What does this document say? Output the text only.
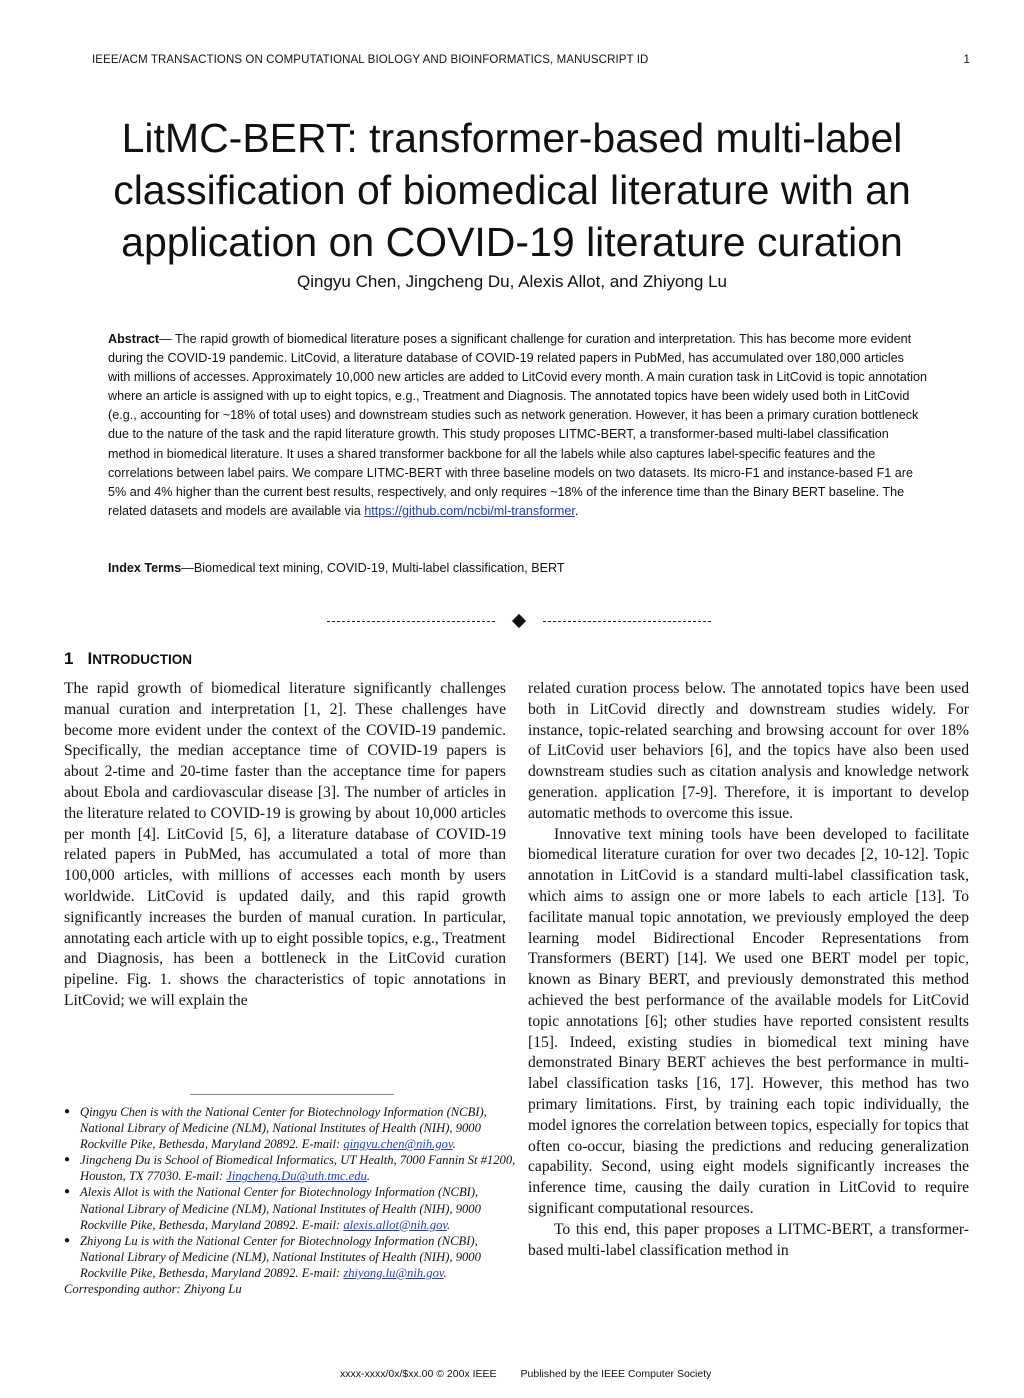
IEEE/ACM TRANSACTIONS ON COMPUTATIONAL BIOLOGY AND BIOINFORMATICS, MANUSCRIPT ID	1
LitMC-BERT: transformer-based multi-label
classification of biomedical literature with an
application on COVID-19 literature curation
Qingyu Chen, Jingcheng Du, Alexis Allot, and Zhiyong Lu
Abstract— The rapid growth of biomedical literature poses a significant challenge for curation and interpretation. This has become more evident during the COVID-19 pandemic. LitCovid, a literature database of COVID-19 related papers in PubMed, has accumulated over 180,000 articles with millions of accesses. Approximately 10,000 new articles are added to LitCovid every month. A main curation task in LitCovid is topic annotation where an article is assigned with up to eight topics, e.g., Treatment and Diagnosis. The annotated topics have been widely used both in LitCovid (e.g., accounting for ~18% of total uses) and downstream studies such as network generation. However, it has been a primary curation bottleneck due to the nature of the task and the rapid literature growth. This study proposes LITMC-BERT, a transformer-based multi-label classification method in biomedical literature. It uses a shared transformer backbone for all the labels while also captures label-specific features and the correlations between label pairs. We compare LITMC-BERT with three baseline models on two datasets. Its micro-F1 and instance-based F1 are 5% and 4% higher than the current best results, respectively, and only requires ~18% of the inference time than the Binary BERT baseline. The related datasets and models are available via https://github.com/ncbi/ml-transformer.
Index Terms—Biomedical text mining, COVID-19, Multi-label classification, BERT
1 INTRODUCTION

The rapid growth of biomedical literature significantly challenges manual curation and interpretation [1, 2]. These challenges have become more evident under the context of the COVID-19 pandemic. Specifically, the median acceptance time of COVID-19 papers is about 2-time and 20-time faster than the acceptance time for papers about Ebola and cardiovascular disease [3]. The number of articles in the literature related to COVID-19 is growing by about 10,000 articles per month [4]. LitCovid [5, 6], a literature database of COVID-19 related papers in PubMed, has accumulated a total of more than 100,000 articles, with millions of accesses each month by users worldwide. LitCovid is updated daily, and this rapid growth significantly increases the burden of manual curation. In particular, annotating each article with up to eight possible topics, e.g., Treatment and Diagnosis, has been a bottleneck in the LitCovid curation pipeline. Fig. 1. shows the characteristics of topic annotations in LitCovid; we will explain the

related curation process below. The annotated topics have been used both in LitCovid directly and downstream studies widely. For instance, topic-related searching and browsing account for over 18% of LitCovid user behaviors [6], and the topics have also been used downstream studies such as citation analysis and knowledge network generation. application [7-9]. Therefore, it is important to develop automatic methods to overcome this issue.

Innovative text mining tools have been developed to facilitate biomedical literature curation for over two decades [2, 10-12]. Topic annotation in LitCovid is a standard multi-label classification task, which aims to assign one or more labels to each article [13]. To facilitate manual topic annotation, we previously employed the deep learning model Bidirectional Encoder Representations from Transformers (BERT) [14]. We used one BERT model per topic, known as Binary BERT, and previously demonstrated this method achieved the best performance of the available models for LitCovid topic annotations [6]; other studies have reported consistent results [15]. Indeed, existing studies in biomedical text mining have demonstrated Binary BERT achieves the best performance in multi-label classification tasks [16, 17]. However, this method has two primary limitations. First, by training each topic individually, the model ignores the correlation between topics, especially for topics that often co-occur, biasing the predictions and reducing generalization capability. Second, using eight models significantly increases the inference time, causing the daily curation in LitCovid to require significant computational resources.

To this end, this paper proposes a LITMC-BERT, a transformer-based multi-label classification method in

● Qingyu Chen is with the National Center for Biotechnology Information (NCBI), National Library of Medicine (NLM), National Institutes of Health (NIH), 9000 Rockville Pike, Bethesda, Maryland 20892. E-mail: qingyu.chen@nih.gov.
● Jingcheng Du is School of Biomedical Informatics, UT Health, 7000 Fannin St #1200, Houston, TX 77030. E-mail: Jingcheng.Du@uth.tmc.edu.
● Alexis Allot is with the National Center for Biotechnology Information (NCBI), National Library of Medicine (NLM), National Institutes of Health (NIH), 9000 Rockville Pike, Bethesda, Maryland 20892. E-mail: alexis.allot@nih.gov.
● Zhiyong Lu is with the National Center for Biotechnology Information (NCBI), National Library of Medicine (NLM), National Institutes of Health (NIH), 9000 Rockville Pike, Bethesda, Maryland 20892. E-mail: zhiyong.lu@nih.gov.
Corresponding author: Zhiyong Lu
xxxx-xxxx/0x/$xx.00 © 200x IEEE Published by the IEEE Computer Society
